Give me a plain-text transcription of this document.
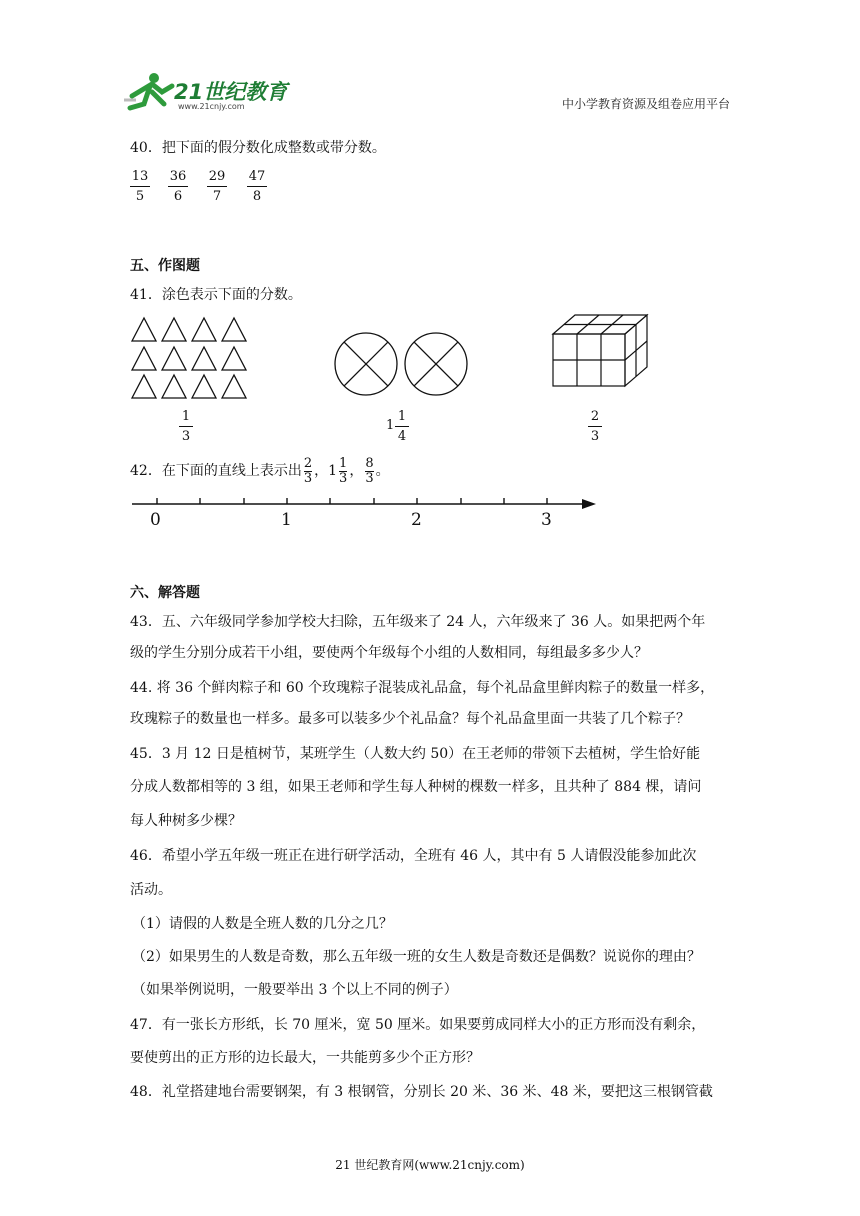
21世纪教育
www.21cnjy.com	中小学教育资源及组卷应用平台
40．把下面的假分数化成整数或带分数。
13
5
36
6
29
7
47
8
五、作图题
41．涂色表示下面的分数。
1
3
1
1
4
2
3
42．在下面的直线上表示出 $\frac{2}{3}$ ，$1 \frac{1}{3}$ ， $\frac{8}{3}$ 。
0	1	2	3
六、解答题
43．五、六年级同学参加学校大扫除，五年级来了 24 人，六年级来了 36 人。如果把两个年
级的学生分别分成若干小组，要使两个年级每个小组的人数相同，每组最多多少人？
44. 将 36 个鲜肉粽子和 60 个玫瑰粽子混装成礼品盒，每个礼品盒里鲜肉粽子的数量一样多，
玫瑰粽子的数量也一样多。最多可以装多少个礼品盒？每个礼品盒里面一共装了几个粽子？
45．3 月 12 日是植树节，某班学生（人数大约 50）在王老师的带领下去植树，学生恰好能
分成人数都相等的 3 组，如果王老师和学生每人种树的棵数一样多，且共种了 884 棵，请问
每人种树多少棵？
46．希望小学五年级一班正在进行研学活动，全班有 46 人，其中有 5 人请假没能参加此次
活动。
（1）请假的人数是全班人数的几分之几？
（2）如果男生的人数是奇数，那么五年级一班的女生人数是奇数还是偶数？说说你的理由？
（如果举例说明，一般要举出 3 个以上不同的例子）
47．有一张长方形纸，长 70 厘米，宽 50 厘米。如果要剪成同样大小的正方形而没有剩余，
要使剪出的正方形的边长最大，一共能剪多少个正方形？
48．礼堂搭建地台需要钢架，有 3 根钢管，分别长 20 米、36 米、48 米，要把这三根钢管截
21 世纪教育网(www.21cnjy.com)
